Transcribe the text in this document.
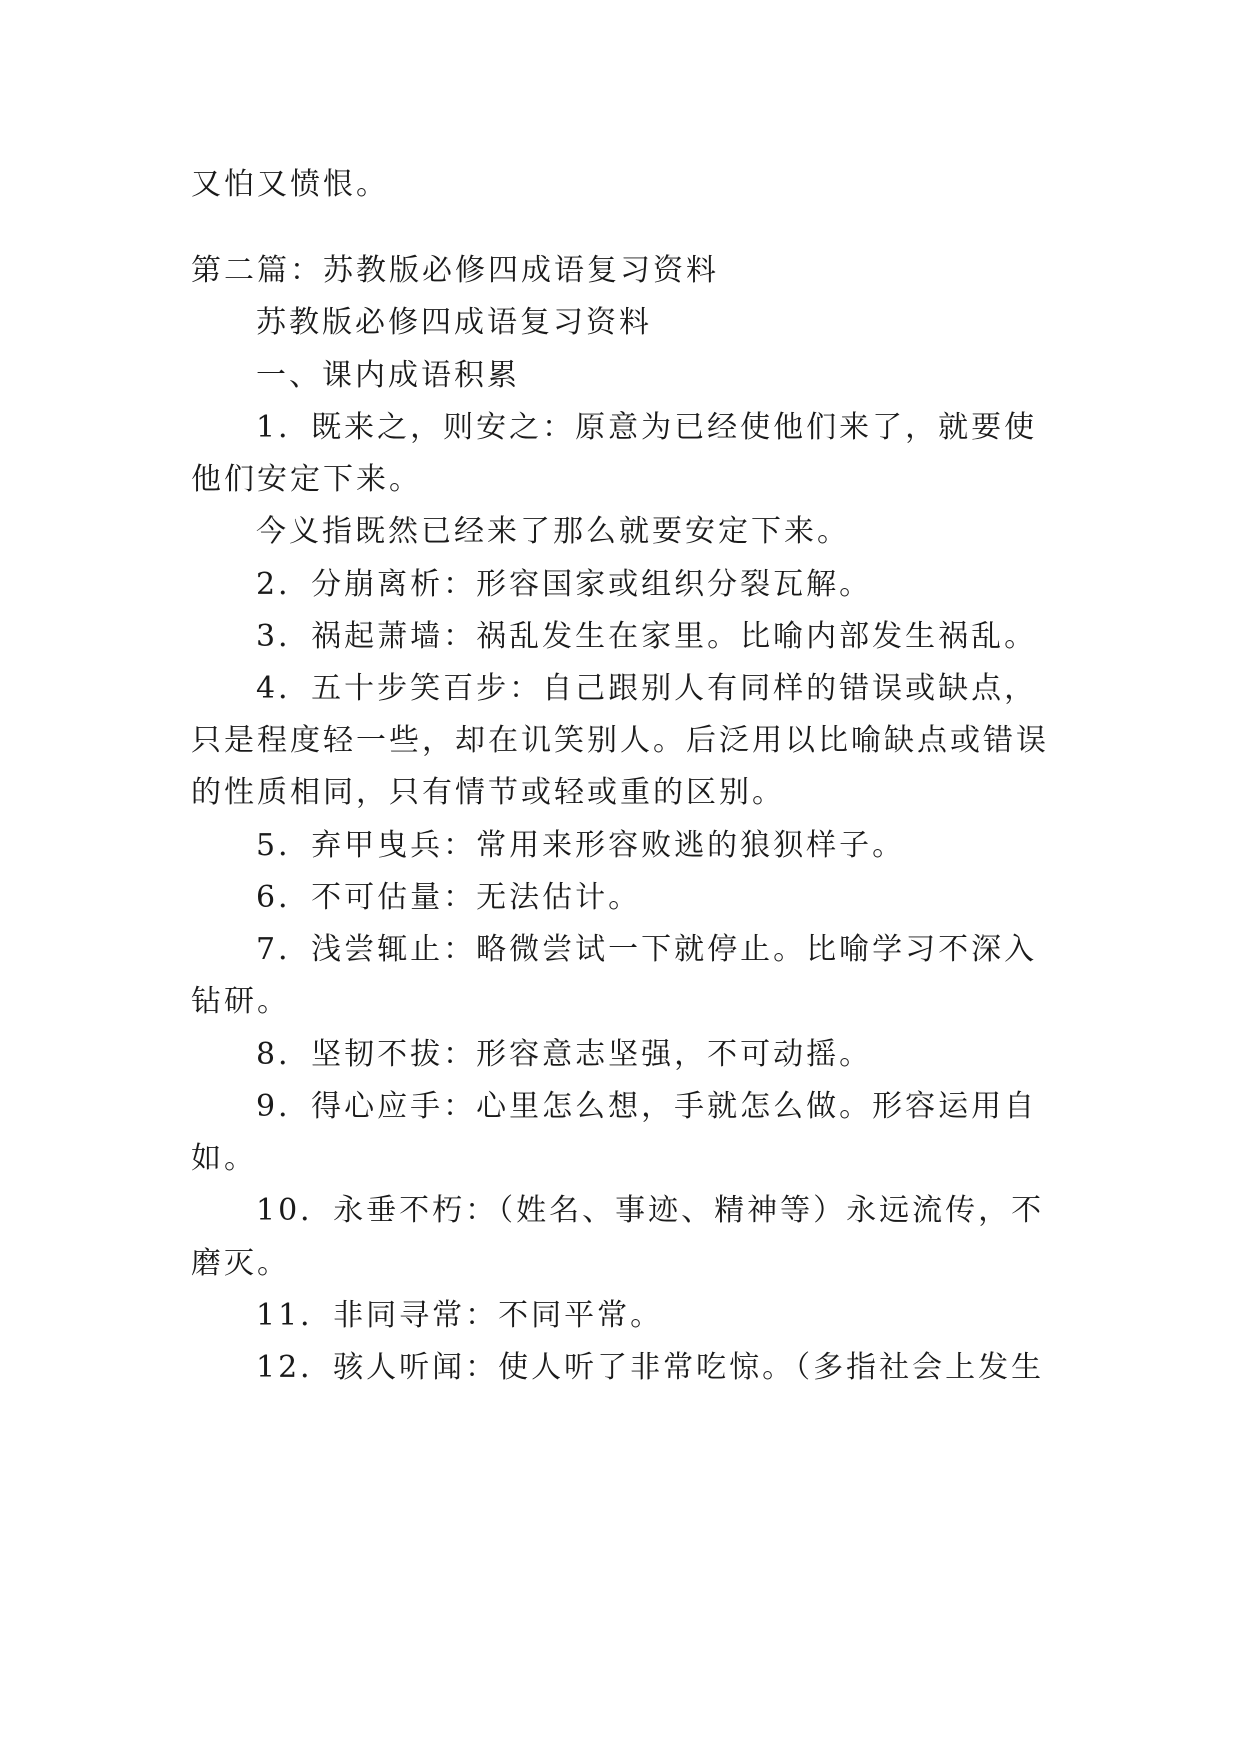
又怕又愤恨。
第二篇：苏教版必修四成语复习资料
苏教版必修四成语复习资料
一、课内成语积累
1．既来之，则安之：原意为已经使他们来了，就要使
他们安定下来。
今义指既然已经来了那么就要安定下来。
2．分崩离析：形容国家或组织分裂瓦解。
3．祸起萧墙：祸乱发生在家里。比喻内部发生祸乱。
4．五十步笑百步：自己跟别人有同样的错误或缺点，
只是程度轻一些，却在讥笑别人。后泛用以比喻缺点或错误
的性质相同，只有情节或轻或重的区别。
5．弃甲曳兵：常用来形容败逃的狼狈样子。
6．不可估量：无法估计。
7．浅尝辄止：略微尝试一下就停止。比喻学习不深入
钻研。
8．坚韧不拔：形容意志坚强，不可动摇。
9．得心应手：心里怎么想，手就怎么做。形容运用自
如。
10．永垂不朽：（姓名、事迹、精神等）永远流传，不
磨灭。
11．非同寻常：不同平常。
12．骇人听闻：使人听了非常吃惊。（多指社会上发生
